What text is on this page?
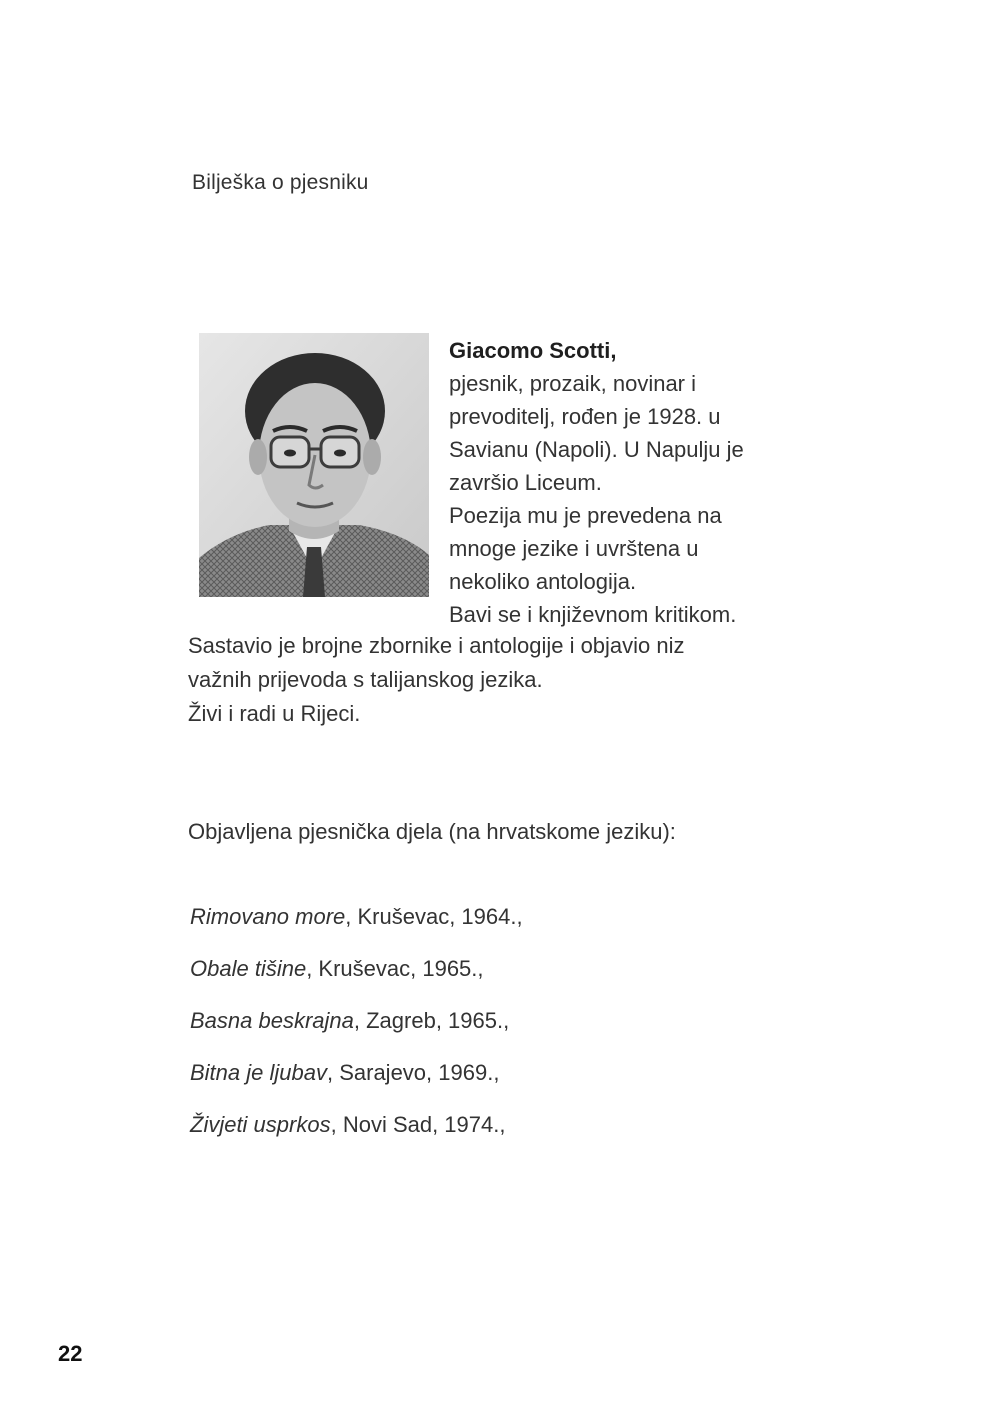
Bilješka o pjesniku
Giacomo Scotti,
pjesnik, prozaik, novinar i
prevoditelj, rođen je 1928. u
Savianu (Napoli). U Napulju je
završio Liceum.
Poezija mu je prevedena na
mnoge jezike i uvrštena u
nekoliko antologija.
Bavi se i književnom kritikom.
Sastavio je brojne zbornike i antologije i objavio niz
važnih prijevoda s talijanskog jezika.
Živi i radi u Rijeci.
Objavljena pjesnička djela (na hrvatskome jeziku):
Rimovano more, Kruševac, 1964.,
Obale tišine, Kruševac, 1965.,
Basna beskrajna, Zagreb, 1965.,
Bitna je ljubav, Sarajevo, 1969.,
Živjeti usprkos, Novi Sad, 1974.,
22
